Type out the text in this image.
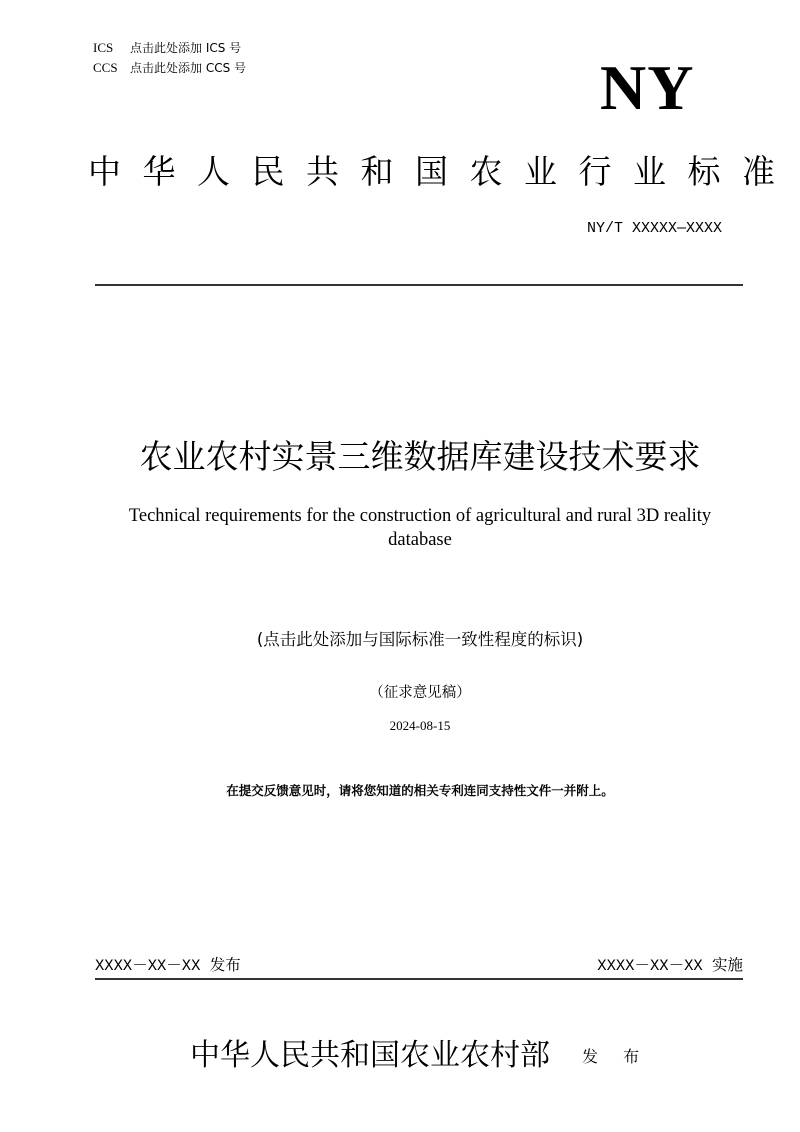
ICS 点击此处添加 ICS 号
CCS 点击此处添加 CCS 号	NY
中华人民共和国农业行业标准
NY/T XXXXX—XXXX
农业农村实景三维数据库建设技术要求
Technical requirements for the construction of agricultural and rural 3D reality database
(点击此处添加与国际标准一致性程度的标识)
（征求意见稿）
2024-08-15
在提交反馈意见时，请将您知道的相关专利连同支持性文件一并附上。
XXXX－XX－XX 发布	XXXX－XX－XX 实施
中华人民共和国农业农村部 发 布
